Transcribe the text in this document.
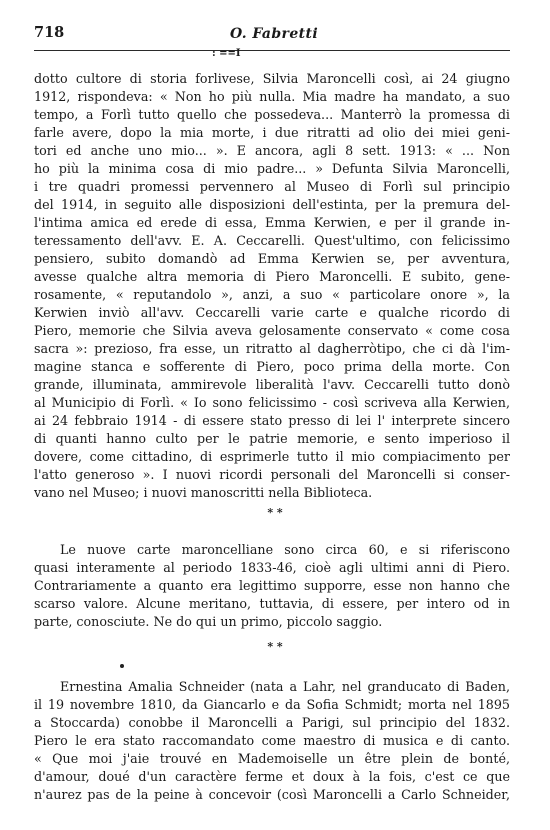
718	O. Fabretti
: ==I
dotto cultore di storia forlivese, Silvia Maroncelli così, ai 24 giugno
1912, rispondeva: « Non ho più nulla. Mia madre ha mandato, a suo
tempo, a Forlì tutto quello che possedeva... Manterrò la promessa di
farle avere, dopo la mia morte, i due ritratti ad olio dei miei geni-
tori ed anche uno mio... ». E ancora, agli 8 sett. 1913: « ... Non
ho più la minima cosa di mio padre... » Defunta Silvia Maroncelli,
i tre quadri promessi pervennero al Museo di Forlì sul principio
del 1914, in seguito alle disposizioni dell'estinta, per la premura del-
l'intima amica ed erede di essa, Emma Kerwien, e per il grande in-
teressamento dell'avv. E. A. Ceccarelli. Quest'ultimo, con felicissimo
pensiero, subito domandò ad Emma Kerwien se, per avventura,
avesse qualche altra memoria di Piero Maroncelli. E subito, gene-
rosamente, « reputandolo », anzi, a suo « particolare onore », la
Kerwien inviò all'avv. Ceccarelli varie carte e qualche ricordo di
Piero, memorie che Silvia aveva gelosamente conservato « come cosa
sacra »: prezioso, fra esse, un ritratto al dagherròtipo, che ci dà l'im-
magine stanca e sofferente di Piero, poco prima della morte. Con
grande, illuminata, ammirevole liberalità l'avv. Ceccarelli tutto donò
al Municipio di Forlì. « Io sono felicissimo - così scriveva alla Kerwien,
ai 24 febbraio 1914 - di essere stato presso di lei l' interprete sincero
di quanti hanno culto per le patrie memorie, e sento imperioso il
dovere, come cittadino, di esprimerle tutto il mio compiacimento per
l'atto generoso ». I nuovi ricordi personali del Maroncelli si conser-
vano nel Museo; i nuovi manoscritti nella Biblioteca.
* *
Le nuove carte maroncelliane sono circa 60, e si riferiscono
quasi interamente al periodo 1833-46, cioè agli ultimi anni di Piero.
Contrariamente a quanto era legittimo supporre, esse non hanno che
scarso valore. Alcune meritano, tuttavia, di essere, per intero od in
parte, conosciute. Ne do qui un primo, piccolo saggio.
* *
Ernestina Amalia Schneider (nata a Lahr, nel granducato di Baden,
il 19 novembre 1810, da Giancarlo e da Sofia Schmidt; morta nel 1895
a Stoccarda) conobbe il Maroncelli a Parigi, sul principio del 1832.
Piero le era stato raccomandato come maestro di musica e di canto.
« Que moi j'aie trouvé en Mademoiselle un être plein de bonté,
d'amour, doué d'un caractère ferme et doux à la fois, c'est ce que
n'aurez pas de la peine à concevoir (così Maroncelli a Carlo Schneider,
